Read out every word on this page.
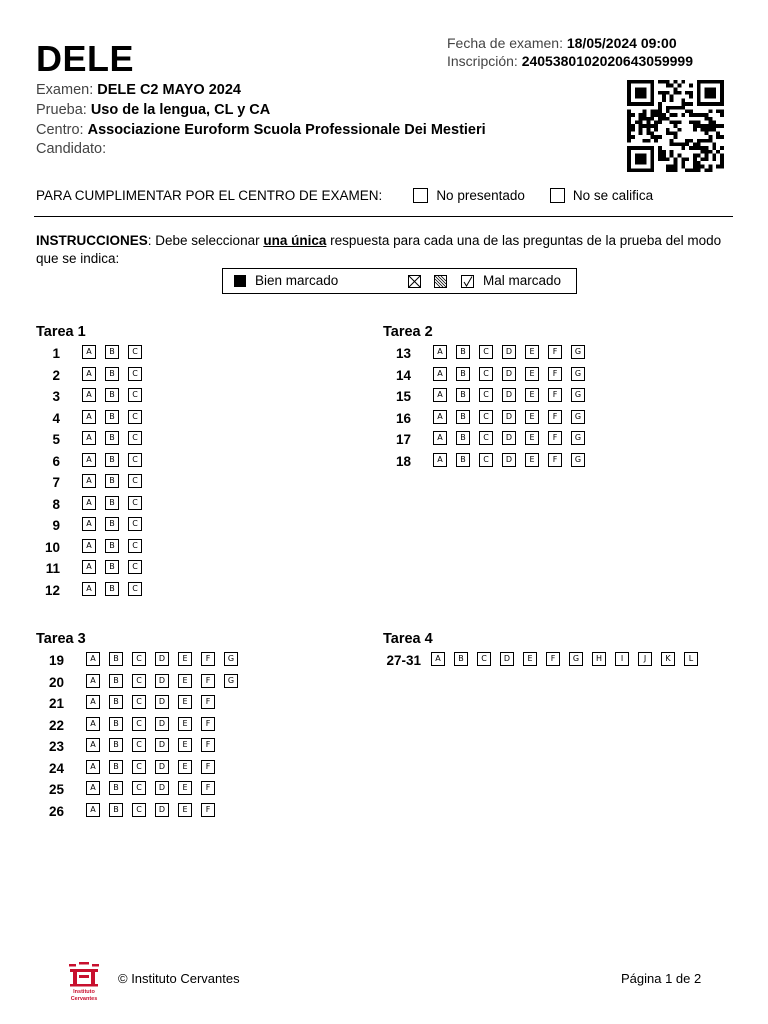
DELE	Fecha de examen: 18/05/2024 09:00
Inscripción: 2405380102020643059999
Examen: DELE C2 MAYO 2024
Prueba: Uso de la lengua, CL y CA
Centro: Associazione Euroform Scuola Professionale Dei Mestieri
Candidato:
PARA CUMPLIMENTAR POR EL CENTRO DE EXAMEN:	No presentado	No se califica
INSTRUCCIONES: Debe seleccionar una única respuesta para cada una de las preguntas de la prueba del modo que se indica:
Bien marcado	Mal marcado
Tarea 1
1	A	B	C
2	A	B	C
3	A	B	C
4	A	B	C
5	A	B	C
6	A	B	C
7	A	B	C
8	A	B	C
9	A	B	C
10	A	B	C
11	A	B	C
12	A	B	C
Tarea 2
13	A	B	C	D	E	F	G
14	A	B	C	D	E	F	G
15	A	B	C	D	E	F	G
16	A	B	C	D	E	F	G
17	A	B	C	D	E	F	G
18	A	B	C	D	E	F	G
Tarea 3
19	A	B	C	D	E	F	G
20	A	B	C	D	E	F	G
21	A	B	C	D	E	F
22	A	B	C	D	E	F
23	A	B	C	D	E	F
24	A	B	C	D	E	F
25	A	B	C	D	E	F
26	A	B	C	D	E	F
Tarea 4
27-31	A	B	C	D	E	F	G	H	I	J	K	L
Instituto
Cervantes
© Instituto Cervantes	Página 1 de 2
